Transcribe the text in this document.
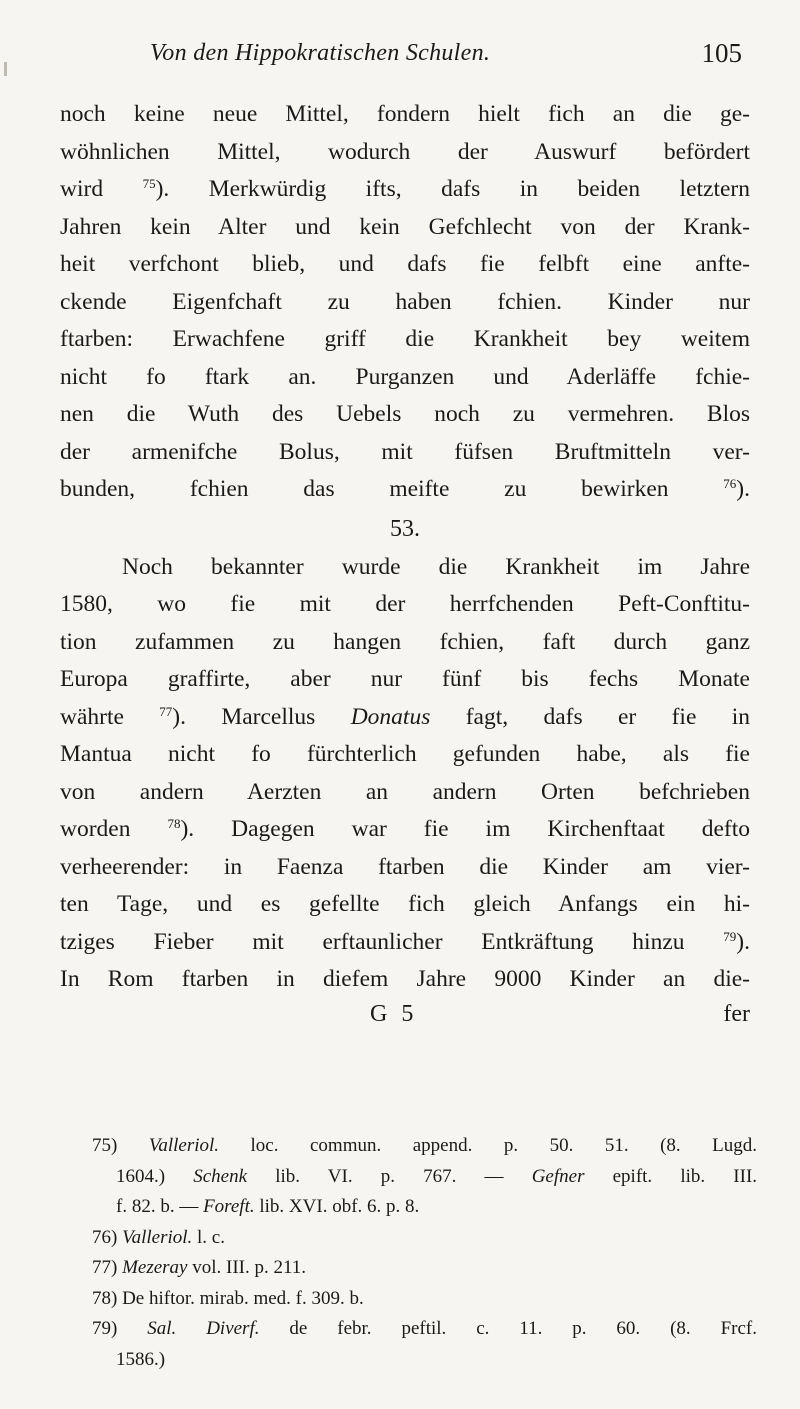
Von den Hippokratischen Schulen.	105
noch keine neue Mittel, fondern hielt fich an die ge-
wöhnlichen Mittel, wodurch der Auswurf befördert
wird $^{75}$). Merkwürdig ifts, dafs in beiden letztern
Jahren kein Alter und kein Gefchlecht von der Krank-
heit verfchont blieb, und dafs fie felbft eine anfte-
ckende Eigenfchaft zu haben fchien. Kinder nur
ftarben: Erwachfene griff die Krankheit bey weitem
nicht fo ftark an. Purganzen und Aderläffe fchie-
nen die Wuth des Uebels noch zu vermehren. Blos
der armenifche Bolus, mit füfsen Bruftmitteln ver-
bunden, fchien das meifte zu bewirken $^{76}$).
53.
Noch bekannter wurde die Krankheit im Jahre
1580, wo fie mit der herrfchenden Peft-Conftitu-
tion zufammen zu hangen fchien, faft durch ganz
Europa graffirte, aber nur fünf bis fechs Monate
währte $^{77}$). Marcellus Donatus fagt, dafs er fie in
Mantua nicht fo fürchterlich gefunden habe, als fie
von andern Aerzten an andern Orten befchrieben
worden $^{78}$). Dagegen war fie im Kirchenftaat defto
verheerender: in Faenza ftarben die Kinder am vier-
ten Tage, und es gefellte fich gleich Anfangs ein hi-
tziges Fieber mit erftaunlicher Entkräftung hinzu $^{79}$).
In Rom ftarben in diefem Jahre 9000 Kinder an die-
G 5	fer
75) Valleriol. loc. commun. append. p. 50. 51. (8. Lugd.
1604.) Schenk lib. VI. p. 767. — Gefner epift. lib. III.
f. 82. b. — Foreft. lib. XVI. obf. 6. p. 8.
76) Valleriol. l. c.
77) Mezeray vol. III. p. 211.
78) De hiftor. mirab. med. f. 309. b.
79) Sal. Diverf. de febr. peftil. c. 11. p. 60. (8. Frcf.
1586.)
